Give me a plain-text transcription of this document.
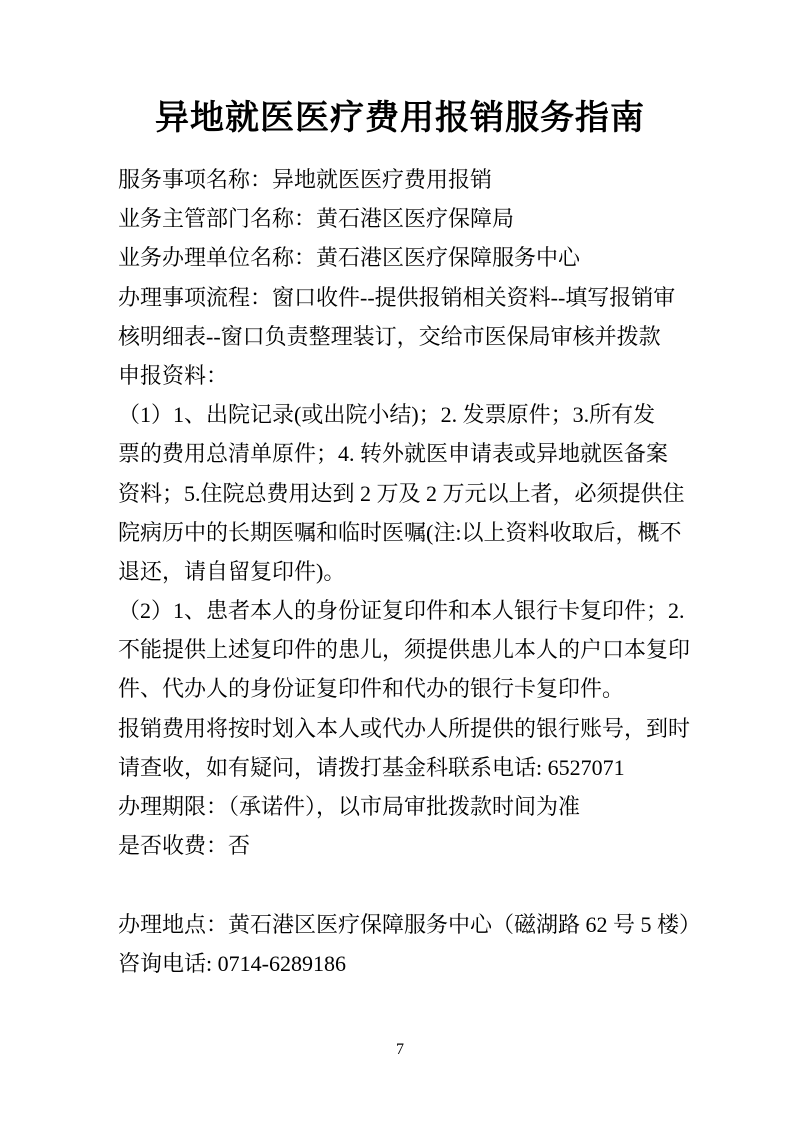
异地就医医疗费用报销服务指南
服务事项名称：异地就医医疗费用报销
业务主管部门名称：黄石港区医疗保障局
业务办理单位名称：黄石港区医疗保障服务中心
办理事项流程：窗口收件--提供报销相关资料--填写报销审
核明细表--窗口负责整理装订，交给市医保局审核并拨款
申报资料：
（1）1、出院记录(或出院小结)；2. 发票原件；3.所有发
票的费用总清单原件；4. 转外就医申请表或异地就医备案
资料；5.住院总费用达到 2 万及 2 万元以上者，必须提供住
院病历中的长期医嘱和临时医嘱(注:以上资料收取后，概不
退还，请自留复印件)。
（2）1、患者本人的身份证复印件和本人银行卡复印件；2.
不能提供上述复印件的患儿，须提供患儿本人的户口本复印
件、代办人的身份证复印件和代办的银行卡复印件。
报销费用将按时划入本人或代办人所提供的银行账号，到时
请查收，如有疑问，请拨打基金科联系电话: 6527071
办理期限：（承诺件），以市局审批拨款时间为准
是否收费：否
办理地点：黄石港区医疗保障服务中心（磁湖路 62 号 5 楼）
咨询电话: 0714-6289186
7
